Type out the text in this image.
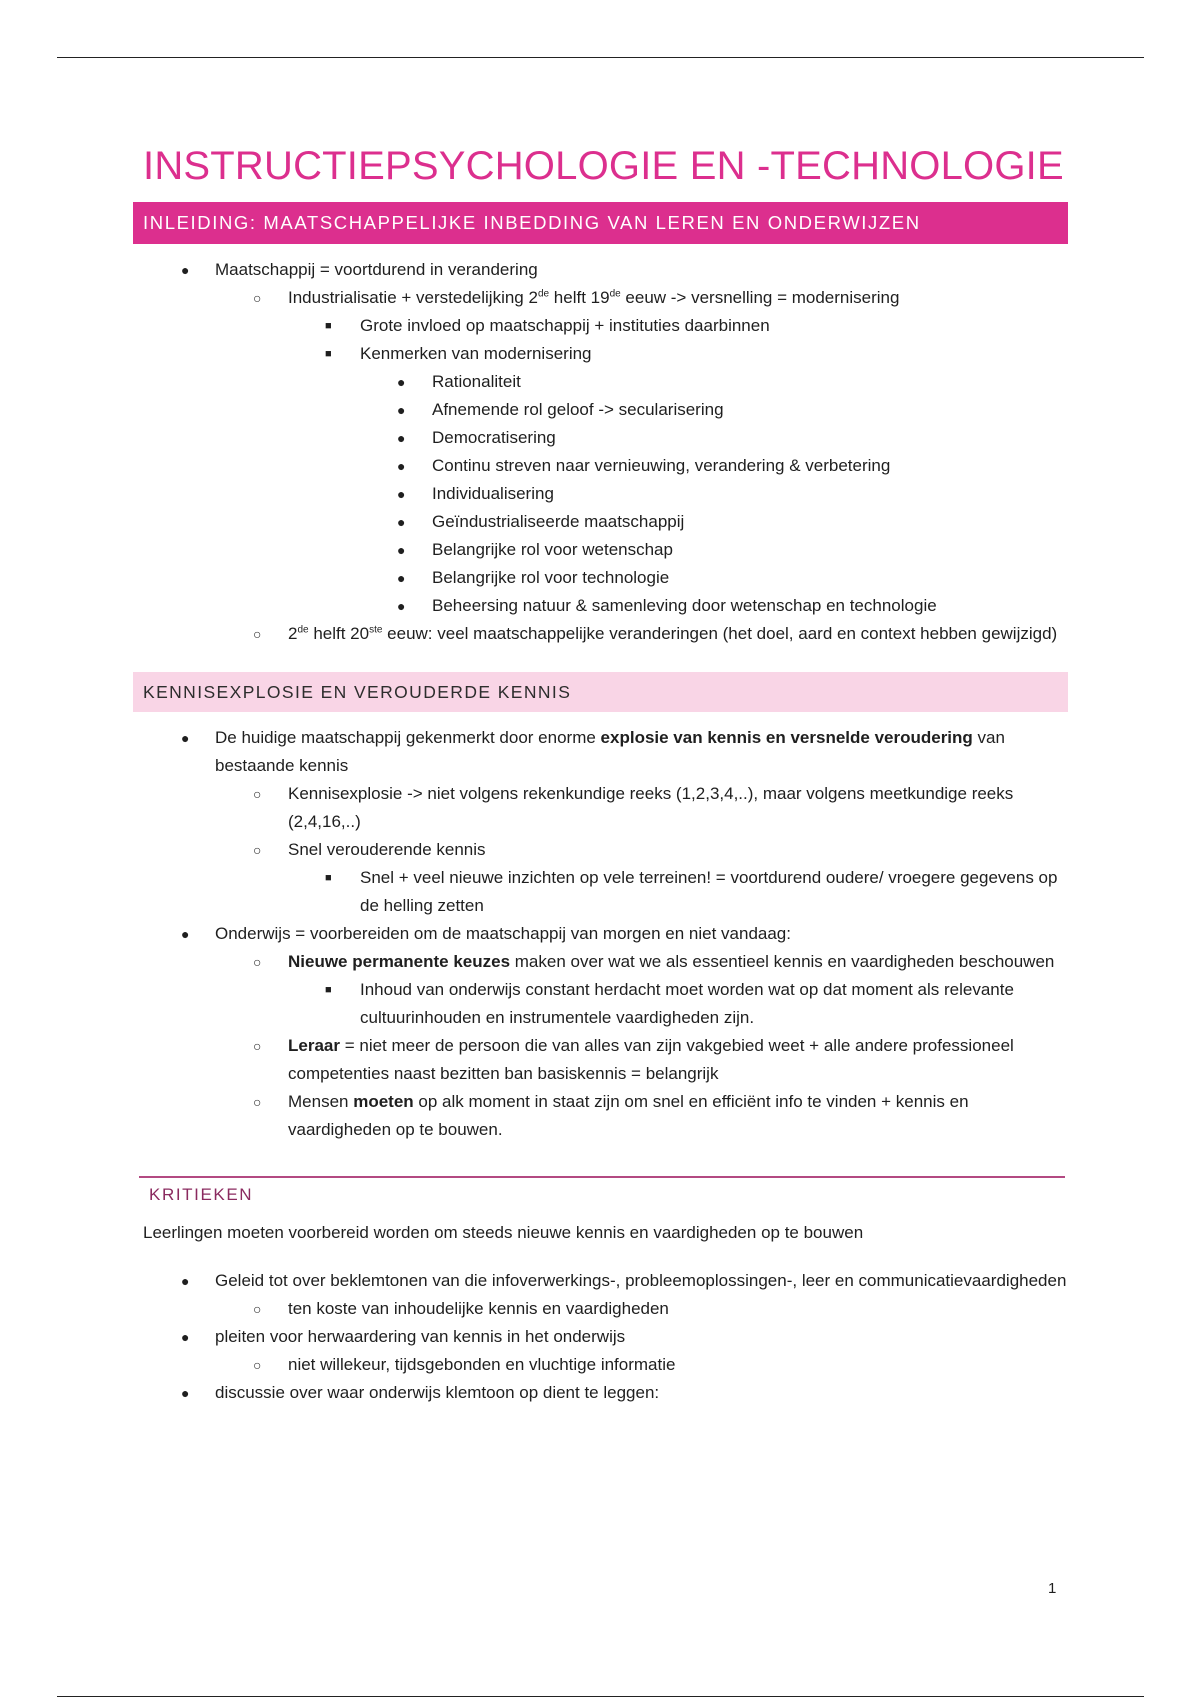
INSTRUCTIEPSYCHOLOGIE EN -TECHNOLOGIE
INLEIDING: MAATSCHAPPELIJKE INBEDDING VAN LEREN EN ONDERWIJZEN
● Maatschappij = voortdurend in verandering
○ Industrialisatie + verstedelijking 2de helft 19de eeuw -> versnelling = modernisering
■ Grote invloed op maatschappij + instituties daarbinnen
■ Kenmerken van modernisering
● Rationaliteit
● Afnemende rol geloof -> secularisering
● Democratisering
● Continu streven naar vernieuwing, verandering & verbetering
● Individualisering
● Geïndustrialiseerde maatschappij
● Belangrijke rol voor wetenschap
● Belangrijke rol voor technologie
● Beheersing natuur & samenleving door wetenschap en technologie
○ 2de helft 20ste eeuw: veel maatschappelijke veranderingen (het doel, aard en context hebben gewijzigd)
KENNISEXPLOSIE EN VEROUDERDE KENNIS
● De huidige maatschappij gekenmerkt door enorme explosie van kennis en versnelde veroudering van bestaande kennis
○ Kennisexplosie -> niet volgens rekenkundige reeks (1,2,3,4,..), maar volgens meetkundige reeks (2,4,16,..)
○ Snel verouderende kennis
■ Snel + veel nieuwe inzichten op vele terreinen! = voortdurend oudere/ vroegere gegevens op de helling zetten
● Onderwijs = voorbereiden om de maatschappij van morgen en niet vandaag:
○ Nieuwe permanente keuzes maken over wat we als essentieel kennis en vaardigheden beschouwen
■ Inhoud van onderwijs constant herdacht moet worden wat op dat moment als relevante cultuurinhouden en instrumentele vaardigheden zijn.
○ Leraar = niet meer de persoon die van alles van zijn vakgebied weet + alle andere professioneel competenties naast bezitten ban basiskennis = belangrijk
○ Mensen moeten op alk moment in staat zijn om snel en efficiënt info te vinden + kennis en vaardigheden op te bouwen.
KRITIEKEN

Leerlingen moeten voorbereid worden om steeds nieuwe kennis en vaardigheden op te bouwen

● Geleid tot over beklemtonen van die infoverwerkings-, probleemoplossingen-, leer en communicatievaardigheden
○ ten koste van inhoudelijke kennis en vaardigheden
● pleiten voor herwaardering van kennis in het onderwijs
○ niet willekeur, tijdsgebonden en vluchtige informatie
● discussie over waar onderwijs klemtoon op dient te leggen:
1
